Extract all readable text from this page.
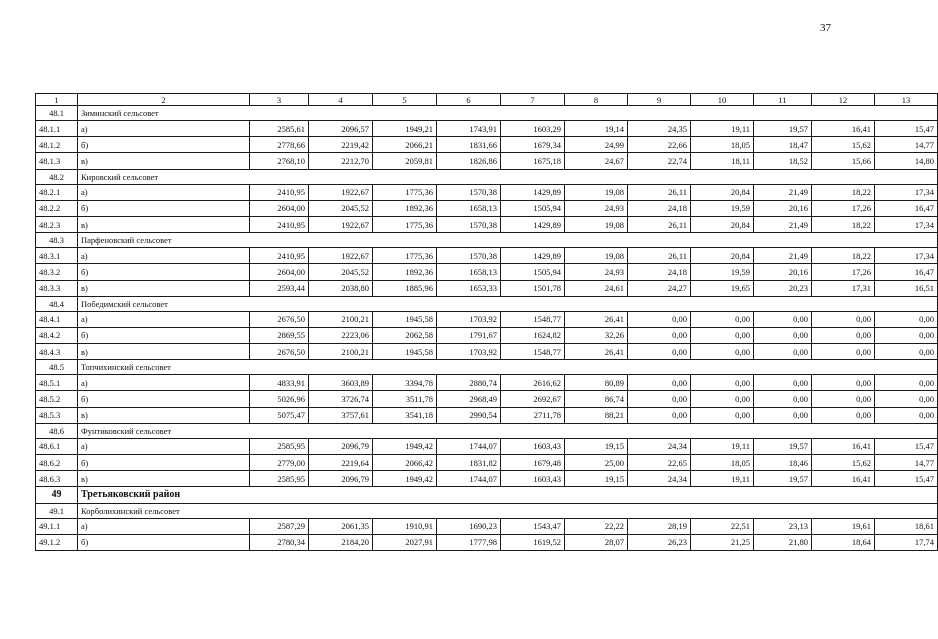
37
1	2	3	4	5	6	7	8	9	10	11	12	13
48.1	Зиминский сельсовет											
48.1.1	а)	2585,61	2096,57	1949,21	1743,91	1603,29	19,14	24,35	19,11	19,57	16,41	15,47
48.1.2	б)	2778,66	2219,42	2066,21	1831,66	1679,34	24,99	22,66	18,05	18,47	15,62	14,77
48.1.3	в)	2768,10	2212,70	2059,81	1826,86	1675,18	24,67	22,74	18,11	18,52	15,66	14,80
48.2	Кировский сельсовет											
48.2.1	а)	2410,95	1922,67	1775,36	1570,38	1429,89	19,08	26,11	20,84	21,49	18,22	17,34
48.2.2	б)	2604,00	2045,52	1892,36	1658,13	1505,94	24,93	24,18	19,59	20,16	17,26	16,47
48.2.3	в)	2410,95	1922,67	1775,36	1570,38	1429,89	19,08	26,11	20,84	21,49	18,22	17,34
48.3	Парфеновский сельсовет											
48.3.1	а)	2410,95	1922,67	1775,36	1570,38	1429,89	19,08	26,11	20,84	21,49	18,22	17,34
48.3.2	б)	2604,00	2045,52	1892,36	1658,13	1505,94	24,93	24,18	19,59	20,16	17,26	16,47
48.3.3	в)	2593,44	2038,80	1885,96	1653,33	1501,78	24,61	24,27	19,65	20,23	17,31	16,51
48.4	Победимский сельсовет											
48.4.1	а)	2676,50	2100,21	1945,58	1703,92	1548,77	26,41	0,00	0,00	0,00	0,00	0,00
48.4.2	б)	2869,55	2223,06	2062,58	1791,67	1624,82	32,26	0,00	0,00	0,00	0,00	0,00
48.4.3	в)	2676,50	2100,21	1945,58	1703,92	1548,77	26,41	0,00	0,00	0,00	0,00	0,00
48.5	Топчихинский сельсовет											
48.5.1	а)	4833,91	3603,89	3394,78	2880,74	2616,62	80,89	0,00	0,00	0,00	0,00	0,00
48.5.2	б)	5026,96	3726,74	3511,78	2968,49	2692,67	86,74	0,00	0,00	0,00	0,00	0,00
48.5.3	в)	5075,47	3757,61	3541,18	2990,54	2711,78	88,21	0,00	0,00	0,00	0,00	0,00
48.6	Фунтиковский сельсовет											
48.6.1	а)	2585,95	2096,79	1949,42	1744,07	1603,43	19,15	24,34	19,11	19,57	16,41	15,47
48.6.2	б)	2779,00	2219,64	2066,42	1831,82	1679,48	25,00	22,65	18,05	18,46	15,62	14,77
48.6.3	в)	2585,95	2096,79	1949,42	1744,07	1603,43	19,15	24,34	19,11	19,57	16,41	15,47
49	Третьяковский район											
49.1	Корболихинский сельсовет											
49.1.1	а)	2587,29	2061,35	1910,91	1690,23	1543,47	22,22	28,19	22,51	23,13	19,61	18,61
49.1.2	б)	2780,34	2184,20	2027,91	1777,98	1619,52	28,07	26,23	21,25	21,80	18,64	17,74
